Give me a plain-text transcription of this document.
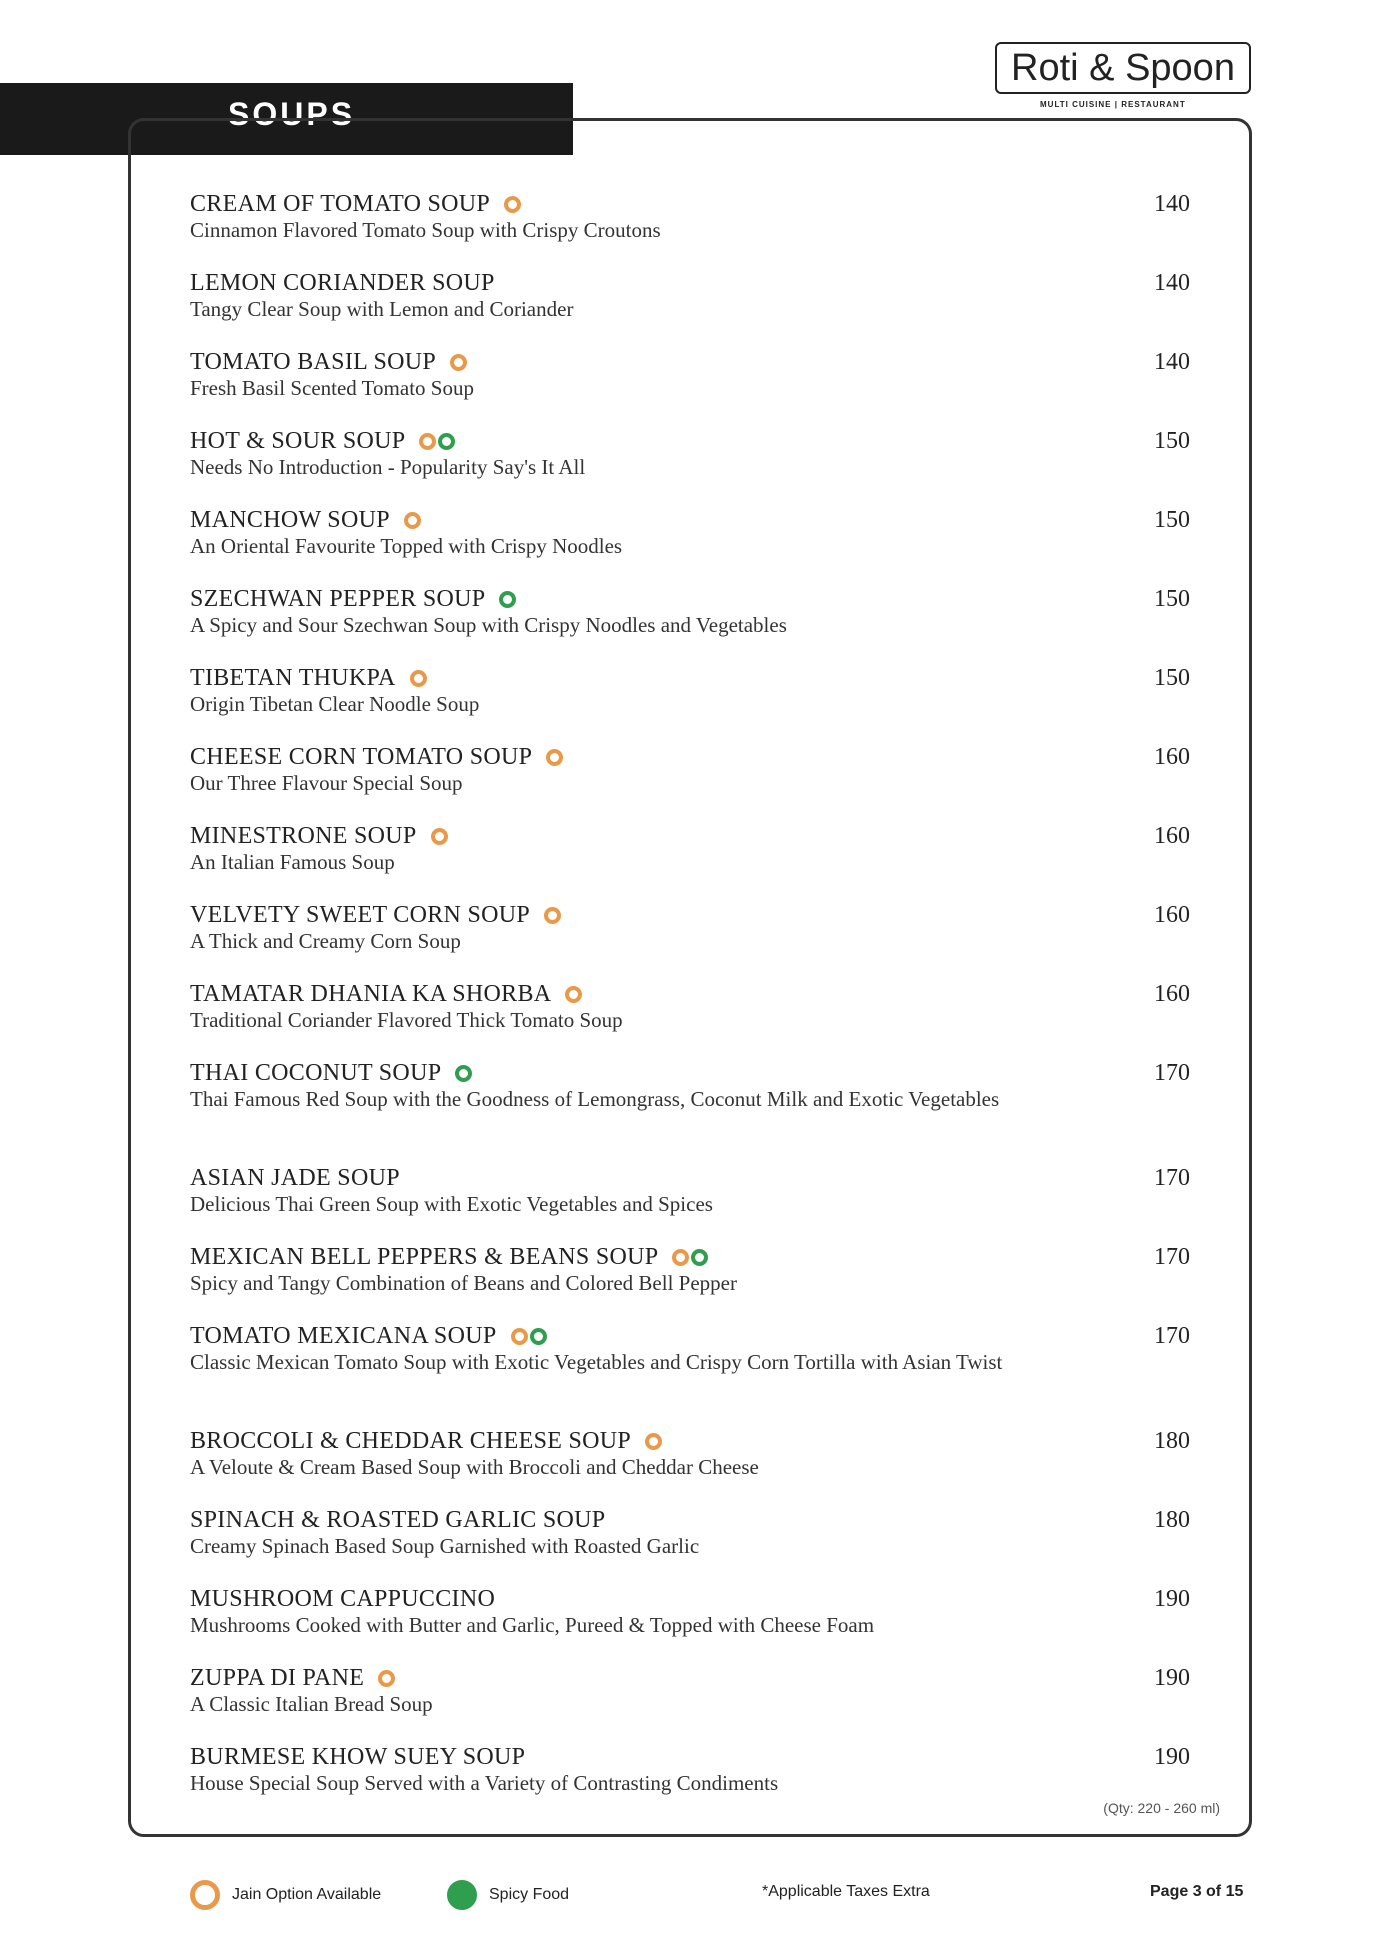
SOUPS
Roti & Spoon
MULTI CUISINE | RESTAURANT
CREAM OF TOMATO SOUP
Cinnamon Flavored Tomato Soup with Crispy Croutons
140
LEMON CORIANDER SOUP
Tangy Clear Soup with Lemon and Coriander
140
TOMATO BASIL SOUP
Fresh Basil Scented Tomato Soup
140
HOT & SOUR SOUP
Needs No Introduction - Popularity Say's It All
150
MANCHOW SOUP
An Oriental Favourite Topped with Crispy Noodles
150
SZECHWAN PEPPER SOUP
A Spicy and Sour Szechwan Soup with Crispy Noodles and Vegetables
150
TIBETAN THUKPA
Origin Tibetan Clear Noodle Soup
150
CHEESE CORN TOMATO SOUP
Our Three Flavour Special Soup
160
MINESTRONE SOUP
An Italian Famous Soup
160
VELVETY SWEET CORN SOUP
A Thick and Creamy Corn Soup
160
TAMATAR DHANIA KA SHORBA
Traditional Coriander Flavored Thick Tomato Soup
160
THAI COCONUT SOUP
Thai Famous Red Soup with the Goodness of Lemongrass, Coconut Milk and Exotic Vegetables
170
ASIAN JADE SOUP
Delicious Thai Green Soup with Exotic Vegetables and Spices
170
MEXICAN BELL PEPPERS & BEANS SOUP
Spicy and Tangy Combination of Beans and Colored Bell Pepper
170
TOMATO MEXICANA SOUP
Classic Mexican Tomato Soup with Exotic Vegetables and Crispy Corn Tortilla with Asian Twist
170
BROCCOLI & CHEDDAR CHEESE SOUP
A Veloute & Cream Based Soup with Broccoli and Cheddar Cheese
180
SPINACH & ROASTED GARLIC SOUP
Creamy Spinach Based Soup Garnished with Roasted Garlic
180
MUSHROOM CAPPUCCINO
Mushrooms Cooked with Butter and Garlic, Pureed & Topped with Cheese Foam
190
ZUPPA DI PANE
A Classic Italian Bread Soup
190
BURMESE KHOW SUEY SOUP
House Special Soup Served with a Variety of Contrasting Condiments
190
(Qty: 220 - 260 ml)
Jain Option Available	Spicy Food	*Applicable Taxes Extra	Page 3 of 15
